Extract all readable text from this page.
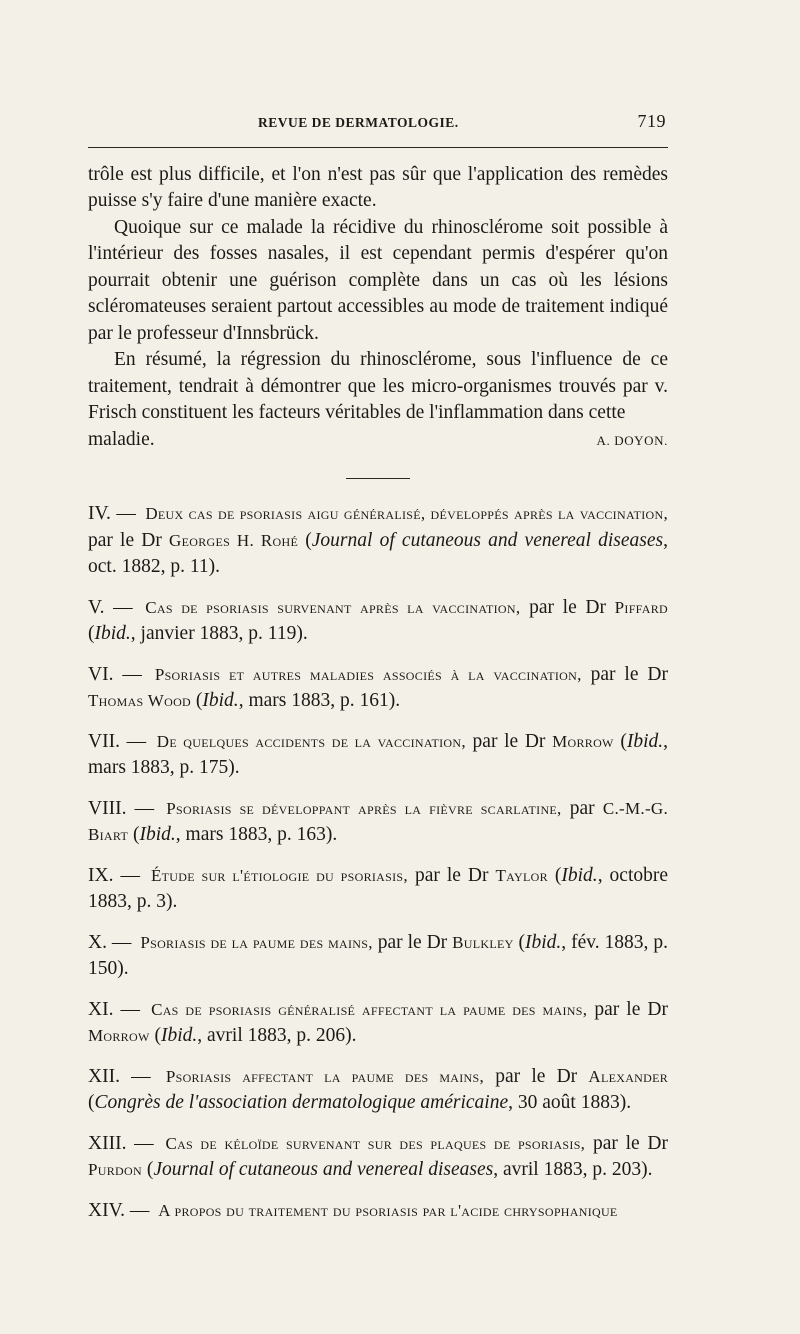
REVUE DE DERMATOLOGIE.	719

trôle est plus difficile, et l'on n'est pas sûr que l'application des remèdes puisse s'y faire d'une manière exacte.

Quoique sur ce malade la récidive du rhinosclérome soit possible à l'intérieur des fosses nasales, il est cependant permis d'espérer qu'on pourrait obtenir une guérison complète dans un cas où les lésions scléromateuses seraient partout accessibles au mode de traitement indiqué par le professeur d'Innsbrück.

En résumé, la régression du rhinosclérome, sous l'influence de ce traitement, tendrait à démontrer que les micro-organismes trouvés par v. Frisch constituent les facteurs véritables de l'inflammation dans cette

maladie.	A. DOYON.

IV. — Deux cas de psoriasis aigu généralisé, développés après la vaccination, par le Dr Georges H. Rohé (Journal of cutaneous and venereal diseases, oct. 1882, p. 11).

V. — Cas de psoriasis survenant après la vaccination, par le Dr Piffard (Ibid., janvier 1883, p. 119).

VI. — Psoriasis et autres maladies associés à la vaccination, par le Dr Thomas Wood (Ibid., mars 1883, p. 161).

VII. — De quelques accidents de la vaccination, par le Dr Morrow (Ibid., mars 1883, p. 175).

VIII. — Psoriasis se développant après la fièvre scarlatine, par C.-M.-G. Biart (Ibid., mars 1883, p. 163).

IX. — Étude sur l'étiologie du psoriasis, par le Dr Taylor (Ibid., octobre 1883, p. 3).

X. — Psoriasis de la paume des mains, par le Dr Bulkley (Ibid., fév. 1883, p. 150).

XI. — Cas de psoriasis généralisé affectant la paume des mains, par le Dr Morrow (Ibid., avril 1883, p. 206).

XII. — Psoriasis affectant la paume des mains, par le Dr Alexander (Congrès de l'association dermatologique américaine, 30 août 1883).

XIII. — Cas de kéloïde survenant sur des plaques de psoriasis, par le Dr Purdon (Journal of cutaneous and venereal diseases, avril 1883, p. 203).

XIV. — A propos du traitement du psoriasis par l'acide chrysophanique
